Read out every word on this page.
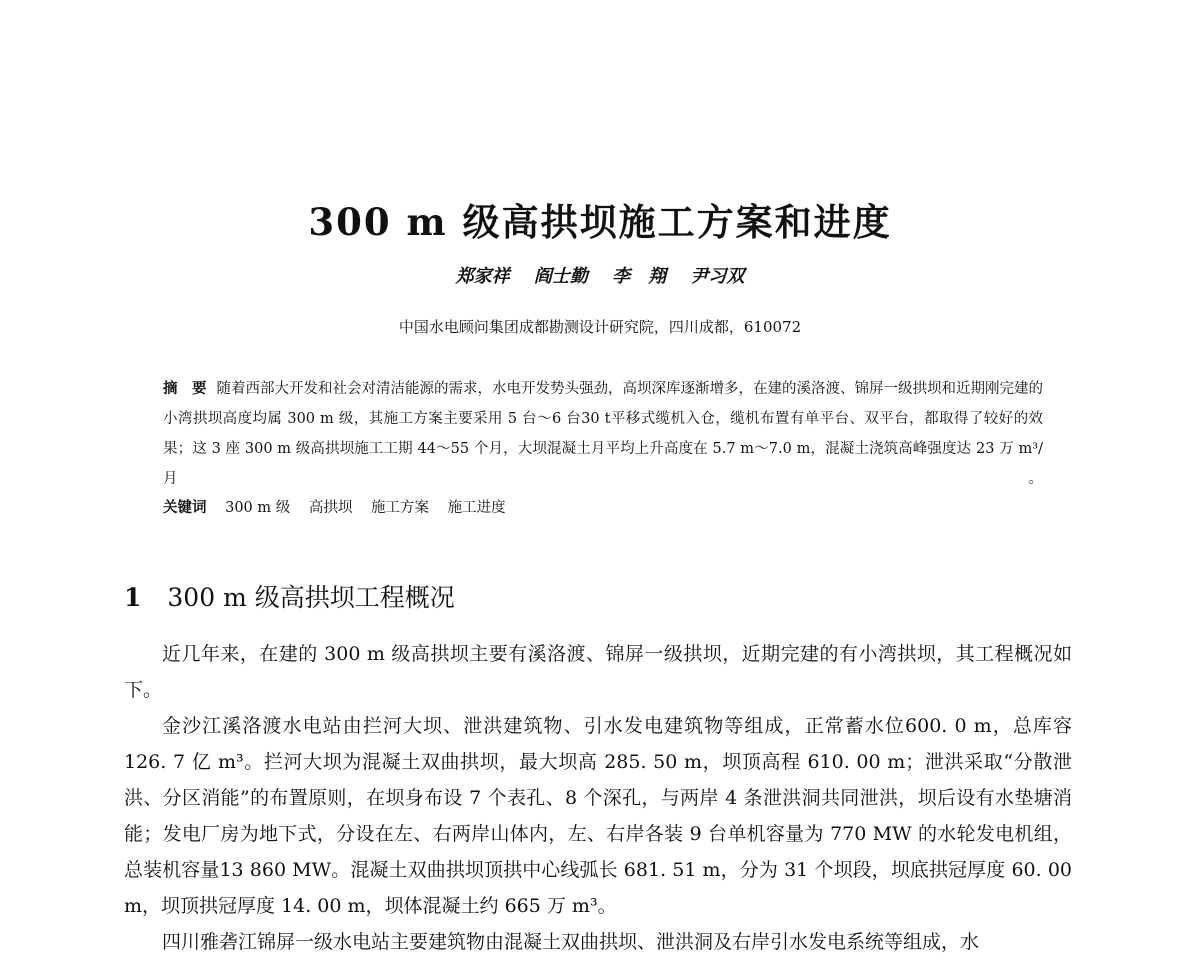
300 m 级高拱坝施工方案和进度
郑家祥 阎士勤 李　翔 尹习双
中国水电顾问集团成都勘测设计研究院，四川成都，610072
摘　要 随着西部大开发和社会对清洁能源的需求，水电开发势头强劲，高坝深库逐渐增多，在建的溪洛渡、锦屏一级拱坝和近期刚完建的小湾拱坝高度均属 300 m 级，其施工方案主要采用 5 台～6 台30 t平移式缆机入仓，缆机布置有单平台、双平台，都取得了较好的效果；这 3 座 300 m 级高拱坝施工工期 44～55 个月，大坝混凝土月平均上升高度在 5.7 m～7.0 m，混凝土浇筑高峰强度达 23 万 m³/月。
关键词 300 m 级 高拱坝 施工方案 施工进度
1 300 m 级高拱坝工程概况

近几年来，在建的 300 m 级高拱坝主要有溪洛渡、锦屏一级拱坝，近期完建的有小湾拱坝，其工程概况如下。

金沙江溪洛渡水电站由拦河大坝、泄洪建筑物、引水发电建筑物等组成，正常蓄水位600. 0 m，总库容 126. 7 亿 m³。拦河大坝为混凝土双曲拱坝，最大坝高 285. 50 m，坝顶高程 610. 00 m；泄洪采取“分散泄洪、分区消能”的布置原则，在坝身布设 7 个表孔、8 个深孔，与两岸 4 条泄洪洞共同泄洪，坝后设有水垫塘消能；发电厂房为地下式，分设在左、右两岸山体内，左、右岸各装 9 台单机容量为 770 MW 的水轮发电机组，总装机容量13 860 MW。混凝土双曲拱坝顶拱中心线弧长 681. 51 m，分为 31 个坝段，坝底拱冠厚度 60. 00 m，坝顶拱冠厚度 14. 00 m，坝体混凝土约 665 万 m³。

四川雅砻江锦屏一级水电站主要建筑物由混凝土双曲拱坝、泄洪洞及右岸引水发电系统等组成，水
